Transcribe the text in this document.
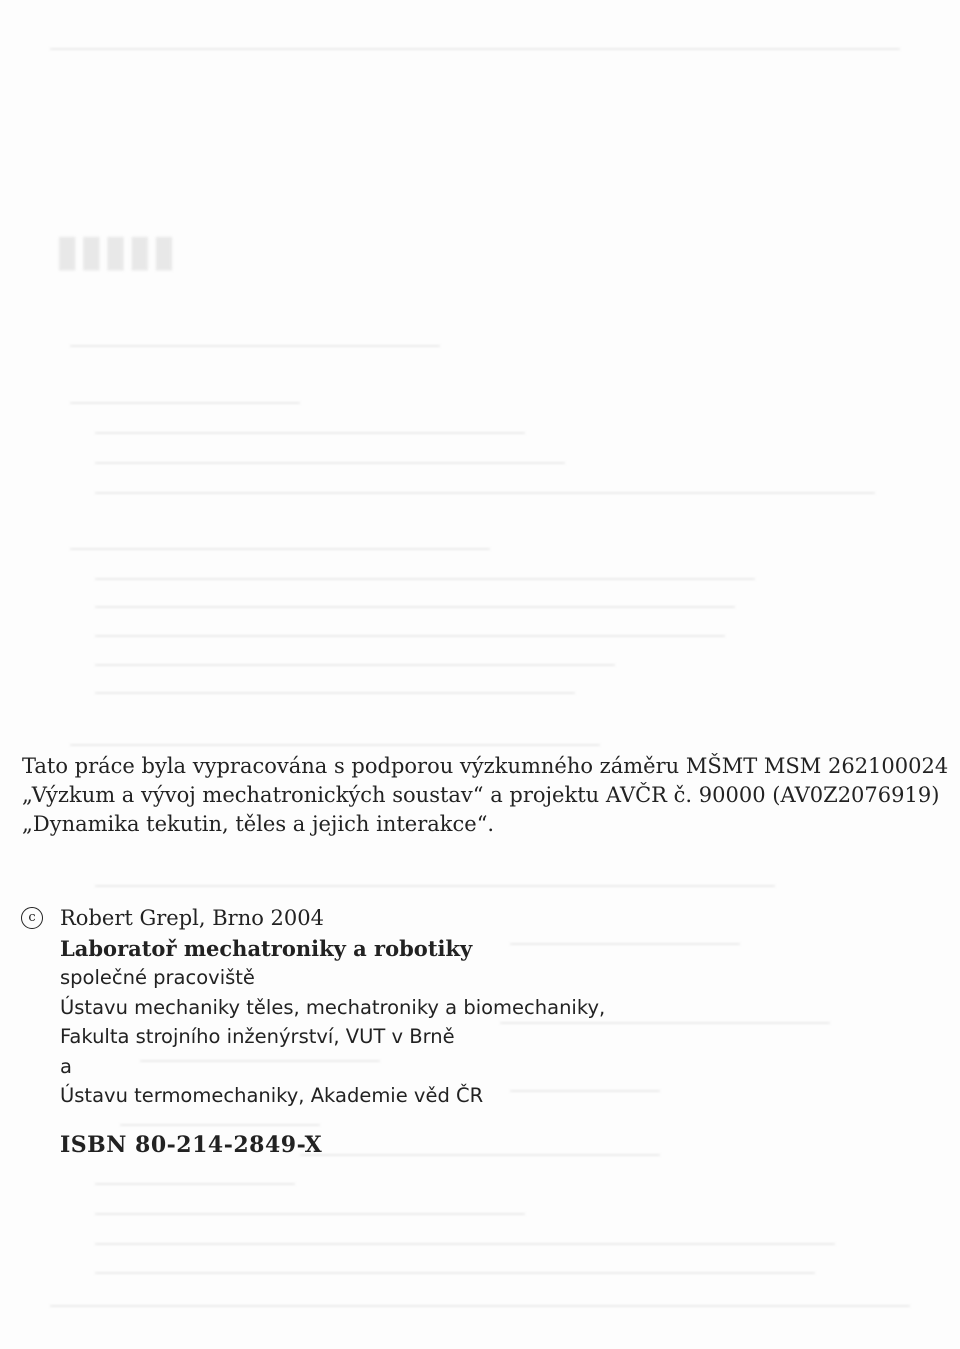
▮▮▮▮▮

Tato práce byla vypracována s podporou výzkumného záměru MŠMT MSM 262100024

„Výzkum a vývoj mechatronických soustav“ a projektu AVČR č. 90000 (AV0Z2076919)

„Dynamika tekutin, těles a jejich interakce“.

c	Robert Grepl, Brno 2004

Laboratoř mechatroniky a robotiky

společné pracoviště

Ústavu mechaniky těles, mechatroniky a biomechaniky,

Fakulta strojního inženýrství, VUT v Brně

a

Ústavu termomechaniky, Akademie věd ČR

ISBN 80-214-2849-X
